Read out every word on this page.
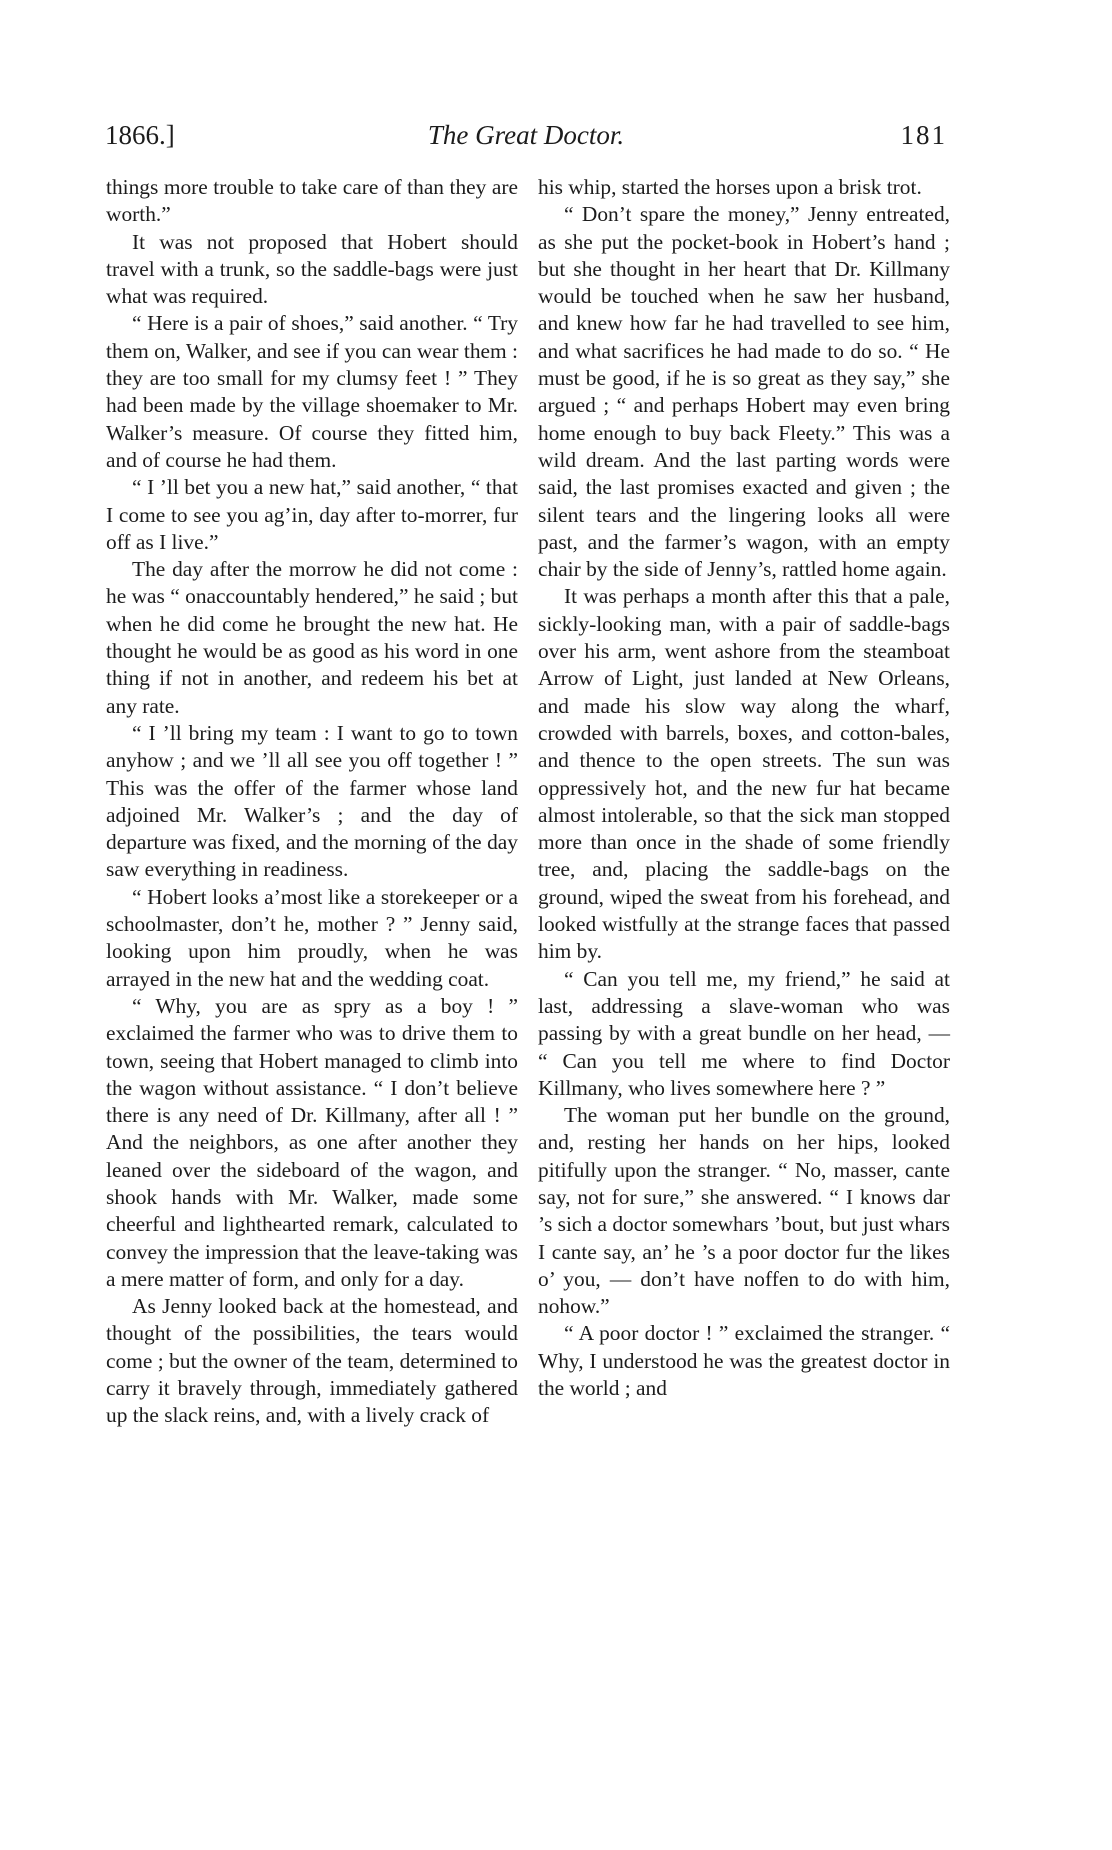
1866.]	The Great Doctor.	181

things more trouble to take care of than they are worth.”

It was not proposed that Hobert should travel with a trunk, so the saddle-bags were just what was required.

“ Here is a pair of shoes,” said another. “ Try them on, Walker, and see if you can wear them : they are too small for my clumsy feet ! ” They had been made by the village shoemaker to Mr. Walker’s measure. Of course they fitted him, and of course he had them.

“ I ’ll bet you a new hat,” said another, “ that I come to see you ag’in, day after to-morrer, fur off as I live.”

The day after the morrow he did not come : he was “ onaccountably hendered,” he said ; but when he did come he brought the new hat. He thought he would be as good as his word in one thing if not in another, and redeem his bet at any rate.

“ I ’ll bring my team : I want to go to town anyhow ; and we ’ll all see you off together ! ” This was the offer of the farmer whose land adjoined Mr. Walker’s ; and the day of departure was fixed, and the morning of the day saw everything in readiness.

“ Hobert looks a’most like a storekeeper or a schoolmaster, don’t he, mother ? ” Jenny said, looking upon him proudly, when he was arrayed in the new hat and the wedding coat.

“ Why, you are as spry as a boy ! ” exclaimed the farmer who was to drive them to town, seeing that Hobert managed to climb into the wagon without assistance. “ I don’t believe there is any need of Dr. Killmany, after all ! ” And the neighbors, as one after another they leaned over the sideboard of the wagon, and shook hands with Mr. Walker, made some cheerful and lighthearted remark, calculated to convey the impression that the leave-taking was a mere matter of form, and only for a day.

As Jenny looked back at the homestead, and thought of the possibilities, the tears would come ; but the owner of the team, determined to carry it bravely through, immediately gathered up the slack reins, and, with a lively crack of

his whip, started the horses upon a brisk trot.

“ Don’t spare the money,” Jenny entreated, as she put the pocket-book in Hobert’s hand ; but she thought in her heart that Dr. Killmany would be touched when he saw her husband, and knew how far he had travelled to see him, and what sacrifices he had made to do so. “ He must be good, if he is so great as they say,” she argued ; “ and perhaps Hobert may even bring home enough to buy back Fleety.” This was a wild dream. And the last parting words were said, the last promises exacted and given ; the silent tears and the lingering looks all were past, and the farmer’s wagon, with an empty chair by the side of Jenny’s, rattled home again.

It was perhaps a month after this that a pale, sickly-looking man, with a pair of saddle-bags over his arm, went ashore from the steamboat Arrow of Light, just landed at New Orleans, and made his slow way along the wharf, crowded with barrels, boxes, and cotton-bales, and thence to the open streets. The sun was oppressively hot, and the new fur hat became almost intolerable, so that the sick man stopped more than once in the shade of some friendly tree, and, placing the saddle-bags on the ground, wiped the sweat from his forehead, and looked wistfully at the strange faces that passed him by.

“ Can you tell me, my friend,” he said at last, addressing a slave-woman who was passing by with a great bundle on her head, — “ Can you tell me where to find Doctor Killmany, who lives somewhere here ? ”

The woman put her bundle on the ground, and, resting her hands on her hips, looked pitifully upon the stranger. “ No, masser, cante say, not for sure,” she answered. “ I knows dar ’s sich a doctor somewhars ’bout, but just whars I cante say, an’ he ’s a poor doctor fur the likes o’ you, — don’t have noffen to do with him, nohow.”

“ A poor doctor ! ” exclaimed the stranger. “ Why, I understood he was the greatest doctor in the world ; and
